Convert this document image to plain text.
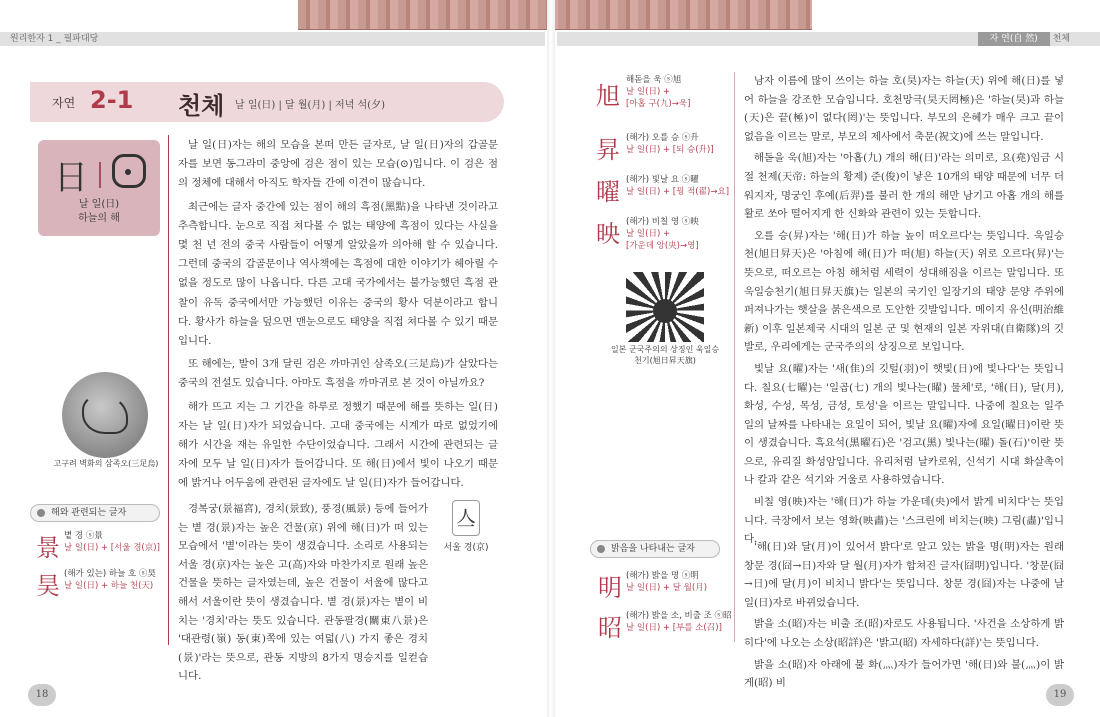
원리한자 1 _ 필파대당	자 연(自 然) 천체
자연 2-1 천체 날 일(日) | 달 월(月) | 저녁 석(夕)
日
날 일(日)
하늘의 해

날 일(日)자는 해의 모습을 본떠 만든 글자로, 날 일(日)자의 갑골문자를 보면 동그라미 중앙에 검은 점이 있는 모습(⊙)입니다. 이 검은 점의 정체에 대해서 아직도 학자들 간에 이견이 많습니다.

최근에는 글자 중간에 있는 점이 해의 흑점(黑點)을 나타낸 것이라고 추측합니다. 눈으로 직접 쳐다볼 수 없는 태양에 흑점이 있다는 사실을 몇 천 년 전의 중국 사람들이 어떻게 알았을까 의아해 할 수 있습니다. 그런데 중국의 갑골문이나 역사책에는 흑점에 대한 이야기가 헤아릴 수 없을 정도로 많이 나옵니다. 다른 고대 국가에서는 불가능했던 흑점 관찰이 유독 중국에서만 가능했던 이유는 중국의 황사 덕분이라고 합니다. 황사가 하늘을 덮으면 맨눈으로도 태양을 직접 쳐다볼 수 있기 때문입니다.

또 해에는, 발이 3개 달린 검은 까마귀인 삼족오(三足烏)가 살았다는 중국의 전설도 있습니다. 아마도 흑점을 까마귀로 본 것이 아닐까요?

해가 뜨고 지는 그 기간을 하루로 정했기 때문에 해를 뜻하는 일(日)자는 날 일(日)자가 되었습니다. 고대 중국에는 시계가 따로 없었기에 해가 시간을 재는 유일한 수단이었습니다. 그래서 시간에 관련되는 글자에 모두 날 일(日)자가 들어갑니다. 또 해(日)에서 빛이 나오기 때문에 밝거나 어두움에 관련된 글자에도 날 일(日)자가 들어갑니다.

고구려 벽화의 삼족오(三足烏)
해와 관련되는 글자
景 볕 경 ⓢ景
날 일(日) + [서울 경(京)]
昊 (해가 있는) 하늘 호 ⓢ昊
날 일(日) + 하늘 천(天)

경복궁(景福宮), 경치(景致), 풍경(風景) 등에 들어가는 볕 경(景)자는 높은 건물(京) 위에 해(日)가 떠 있는 모습에서 '볕'이라는 뜻이 생겼습니다. 소리로 사용되는 서울 경(京)자는 높은 고(高)자와 마찬가지로 원래 높은 건물을 뜻하는 글자였는데, 높은 건물이 서울에 많다고 해서 서울이란 뜻이 생겼습니다. 볕 경(景)자는 볕이 비치는 '경치'라는 뜻도 있습니다. 관동팔경(關東八景)은 '대관령(嶺) 동(東)쪽에 있는 여덟(八) 가지 좋은 경치(景)'라는 뜻으로, 관동 지방의 8가지 명승지를 일컫습니다.

亼
서울 경(京)
18
旭
해돋을 욱 ⓢ旭
날 일(日) +
[아홉 구(九)→욱]
昇 (해가) 오를 승 ⓢ升
날 일(日) + [되 승(升)]
曜 (해가) 빛날 요 ⓢ曜
날 일(日) + [꿩 적(翟)→요]
映 (해가) 비칠 영 ⓢ映
날 일(日) +
[가운데 앙(央)→영]
일본 군국주의의 상징인 욱일승천기(旭日昇天旗)

남자 이름에 많이 쓰이는 하늘 호(昊)자는 하늘(天) 위에 해(日)를 넣어 하늘을 강조한 모습입니다. 호천망극(昊天罔極)은 '하늘(昊)과 하늘(天)은 끝(極)이 없다(罔)'는 뜻입니다. 부모의 은혜가 매우 크고 끝이 없음을 이르는 말로, 부모의 제사에서 축문(祝文)에 쓰는 말입니다.

해돋을 욱(旭)자는 '아홉(九) 개의 해(日)'라는 의미로, 요(堯)임금 시절 천제(天帝: 하늘의 황제) 준(俊)이 낳은 10개의 태양 때문에 너무 더워지자, 명궁인 후예(后羿)를 불러 한 개의 해만 남기고 아홉 개의 해를 활로 쏘아 떨어지게 한 신화와 관련이 있는 듯합니다.

오를 승(昇)자는 '해(日)가 하늘 높이 떠오르다'는 뜻입니다. 욱일승천(旭日昇天)은 '아침에 해(日)가 떠(旭) 하늘(天) 위로 오르다(昇)'는 뜻으로, 떠오르는 아침 해처럼 세력이 성대해짐을 이르는 말입니다. 또 욱일승천기(旭日昇天旗)는 일본의 국기인 일장기의 태양 문양 주위에 퍼져나가는 햇살을 붉은색으로 도안한 깃발입니다. 메이지 유신(明治維新) 이후 일본제국 시대의 일본 군 및 현재의 일본 자위대(自衛隊)의 깃발로, 우리에게는 군국주의의 상징으로 보입니다.

빛날 요(曜)자는 '새(隹)의 깃털(羽)이 햇빛(日)에 빛나다'는 뜻입니다. 칠요(七曜)는 '일곱(七) 개의 빛나는(曜) 물체'로, '해(日), 달(月), 화성, 수성, 목성, 금성, 토성'을 이르는 말입니다. 나중에 칠요는 일주일의 날짜를 나타내는 요일이 되어, 빛날 요(曜)자에 요일(曜日)이란 뜻이 생겼습니다. 흑요석(黑曜石)은 '검고(黑) 빛나는(曜) 돌(石)'이란 뜻으로, 유리질 화성암입니다. 유리처럼 날카로워, 신석기 시대 화살촉이나 칼과 같은 석기와 거울로 사용하였습니다.

비칠 영(映)자는 '해(日)가 하늘 가운데(央)에서 밝게 비치다'는 뜻입니다. 극장에서 보는 영화(映畵)는 '스크린에 비치는(映) 그림(畵)'입니다.

밝음을 나타내는 글자
明 (해가) 밝을 명 ⓢ明
날 일(日) + 달 월(月)
昭 (해가) 밝을 소, 비출 조 ⓢ昭
날 일(日) + [부를 소(召)]

'해(日)와 달(月)이 있어서 밝다'로 알고 있는 밝을 명(明)자는 원래 창문 경(囧→日)자와 달 월(月)자가 합쳐진 글자(囧明)입니다. '창문(囧→日)에 달(月)이 비치니 밝다'는 뜻입니다. 창문 경(囧)자는 나중에 날 일(日)자로 바뀌었습니다.

밝을 소(昭)자는 비출 조(昭)자로도 사용됩니다. '사건을 소상하게 밝히다'에 나오는 소상(昭詳)은 '밝고(昭) 자세하다(詳)'는 뜻입니다.

밝을 소(昭)자 아래에 불 화(灬)자가 들어가면 '해(日)와 불(灬)이 밝게(昭) 비

19
